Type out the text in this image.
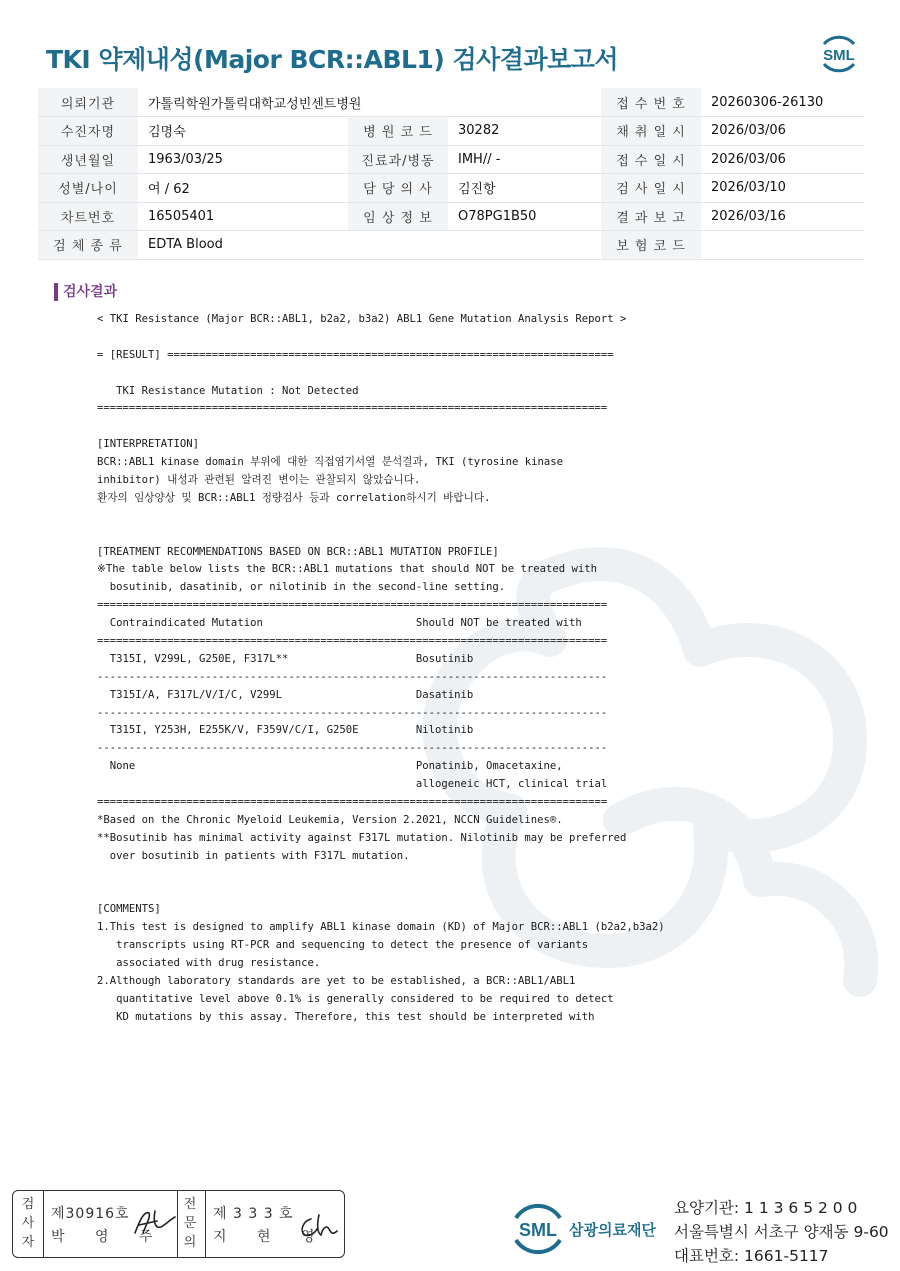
TKI 약제내성(Major BCR::ABL1) 검사결과보고서	SML
의뢰기관	가톨릭학원가톨릭대학교성빈센트병원			접 수 번 호	20260306-26130
수진자명	김명숙	병 원 코 드	30282	채 취 일 시	2026/03/06
생년월일	1963/03/25	진료과/병동	IMH// -	접 수 일 시	2026/03/06
성별/나이	여 / 62	담 당 의 사	김진항	검 사 일 시	2026/03/10
차트번호	16505401	임 상 정 보	O78PG1B50	결 과 보 고	2026/03/16
검 체 종 류	EDTA Blood			보 험 코 드	
검사결과
< TKI Resistance (Major BCR::ABL1, b2a2, b3a2) ABL1 Gene Mutation Analysis Report >
= [RESULT] ======================================================================
TKI Resistance Mutation : Not Detected
================================================================================
[INTERPRETATION]
BCR::ABL1 kinase domain 부위에 대한 직접염기서열 분석결과, TKI (tyrosine kinase
inhibitor) 내성과 관련된 알려진 변이는 관찰되지 않았습니다.
환자의 임상양상 및 BCR::ABL1 정량검사 등과 correlation하시기 바랍니다.
[TREATMENT RECOMMENDATIONS BASED ON BCR::ABL1 MUTATION PROFILE]
※The table below lists the BCR::ABL1 mutations that should NOT be treated with
bosutinib, dasatinib, or nilotinib in the second-line setting.
================================================================================
Contraindicated Mutation                        Should NOT be treated with
================================================================================
T315I, V299L, G250E, F317L**                    Bosutinib
--------------------------------------------------------------------------------
T315I/A, F317L/V/I/C, V299L                     Dasatinib
--------------------------------------------------------------------------------
T315I, Y253H, E255K/V, F359V/C/I, G250E         Nilotinib
--------------------------------------------------------------------------------
None                                            Ponatinib, Omacetaxine,
allogeneic HCT, clinical trial
================================================================================
*Based on the Chronic Myeloid Leukemia, Version 2.2021, NCCN Guidelines®.
**Bosutinib has minimal activity against F317L mutation. Nilotinib may be preferred
over bosutinib in patients with F317L mutation.
[COMMENTS]
1.This test is designed to amplify ABL1 kinase domain (KD) of Major BCR::ABL1 (b2a2,b3a2)
transcripts using RT-PCR and sequencing to detect the presence of variants
associated with drug resistance.
2.Although laboratory standards are yet to be established, a BCR::ABL1/ABL1
quantitative level above 0.1% is generally considered to be required to detect
KD mutations by this assay. Therefore, this test should be interpreted with
검
사
자
제30916호
박 영 주
전
문
의
제 3 3 3 호
지 현 영	SML 삼광의료재단
요양기관: 1 1 3 6 5 2 0 0
서울특별시 서초구 양재동 9-60
대표번호: 1661-5117
